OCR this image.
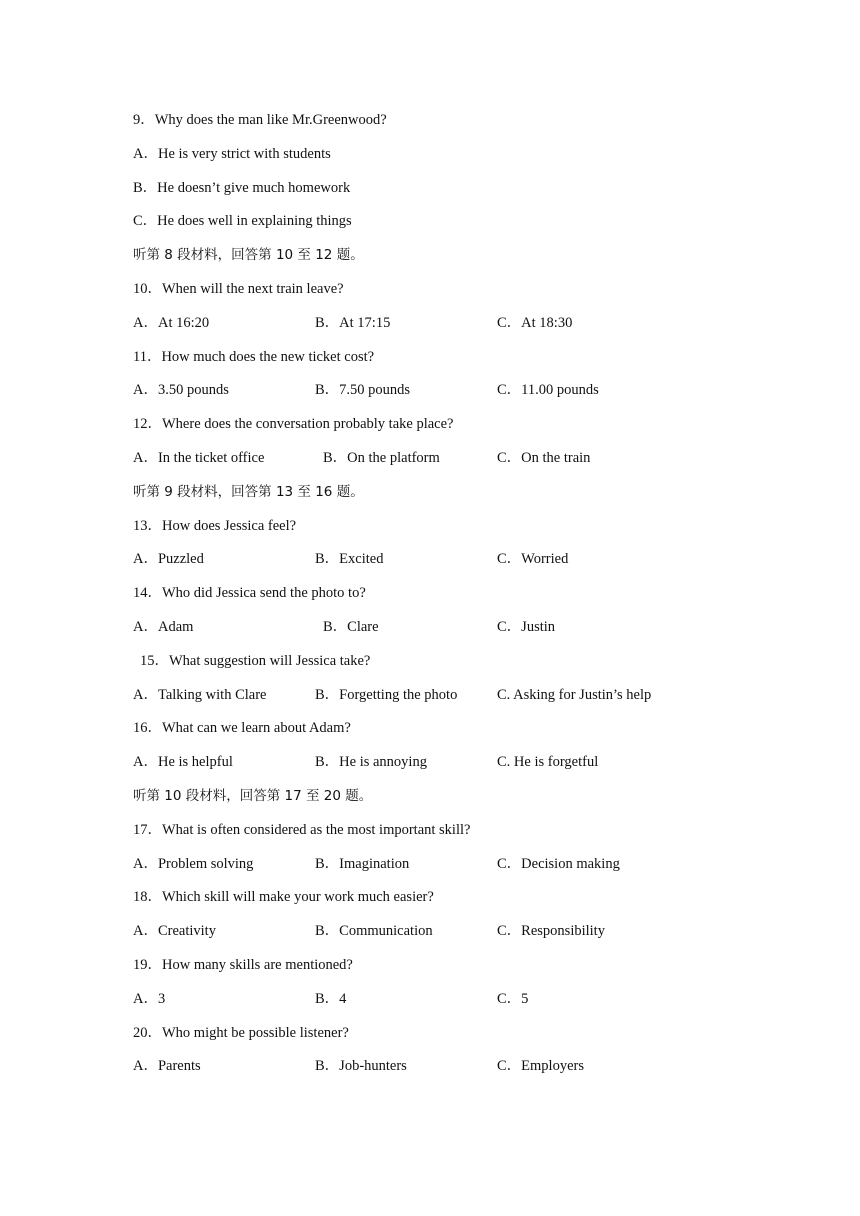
9．Why does the man like Mr.Greenwood?
A．He is very strict with students
B．He doesn’t give much homework
C．He does well in explaining things
听第 8 段材料，回答第 10 至 12 题。
10．When will the next train leave?
A．At 16:20	B．At 17:15	C．At 18:30
11．How much does the new ticket cost?
A．3.50 pounds	B．7.50 pounds	C．11.00 pounds
12．Where does the conversation probably take place?
A．In the ticket office	B．On the platform	C．On the train
听第 9 段材料，回答第 13 至 16 题。
13．How does Jessica feel?
A．Puzzled	B．Excited	C．Worried
14．Who did Jessica send the photo to?
A．Adam	B．Clare	C．Justin
15．What suggestion will Jessica take?
A．Talking with Clare	B．Forgetting the photo	C. Asking for Justin’s help
16．What can we learn about Adam?
A．He is helpful	B．He is annoying	C. He is forgetful
听第 10 段材料，回答第 17 至 20 题。
17．What is often considered as the most important skill?
A．Problem solving	B．Imagination	C．Decision making
18．Which skill will make your work much easier?
A．Creativity	B．Communication	C．Responsibility
19．How many skills are mentioned?
A．3	B．4	C．5
20．Who might be possible listener?
A．Parents	B．Job-hunters	C．Employers
